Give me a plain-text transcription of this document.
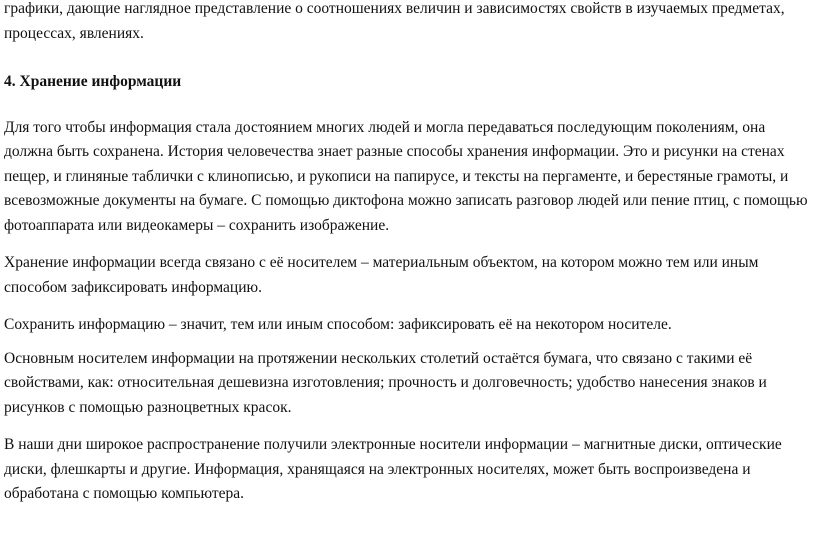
графики, дающие наглядное представление о соотношениях величин и зависимостях свойств в изучаемых предметах, процессах, явлениях.

4. Хранение информации

Для того чтобы информация стала достоянием многих людей и могла передаваться последующим поколениям, она должна быть сохранена. История человечества знает разные способы хранения информации. Это и рисунки на стенах пещер, и глиняные таблички с клинописью, и рукописи на папирусе, и тексты на пергаменте, и берестяные грамоты, и всевозможные документы на бумаге. С помощью диктофона можно записать разговор людей или пение птиц, с помощью фотоаппарата или видеокамеры – сохранить изображение.

Хранение информации всегда связано с её носителем – материальным объектом, на котором можно тем или иным способом зафиксировать информацию.

Сохранить информацию – значит, тем или иным способом: зафиксировать её на некотором носителе.

Основным носителем информации на протяжении нескольких столетий остаётся бумага, что связано с такими её свойствами, как: относительная дешевизна изготовления; прочность и долговечность; удобство нанесения знаков и рисунков с помощью разноцветных красок.

В наши дни широкое распространение получили электронные носители информации – магнитные диски, оптические диски, флешкарты и другие. Информация, хранящаяся на электронных носителях, может быть воспроизведена и обработана с помощью компьютера.
